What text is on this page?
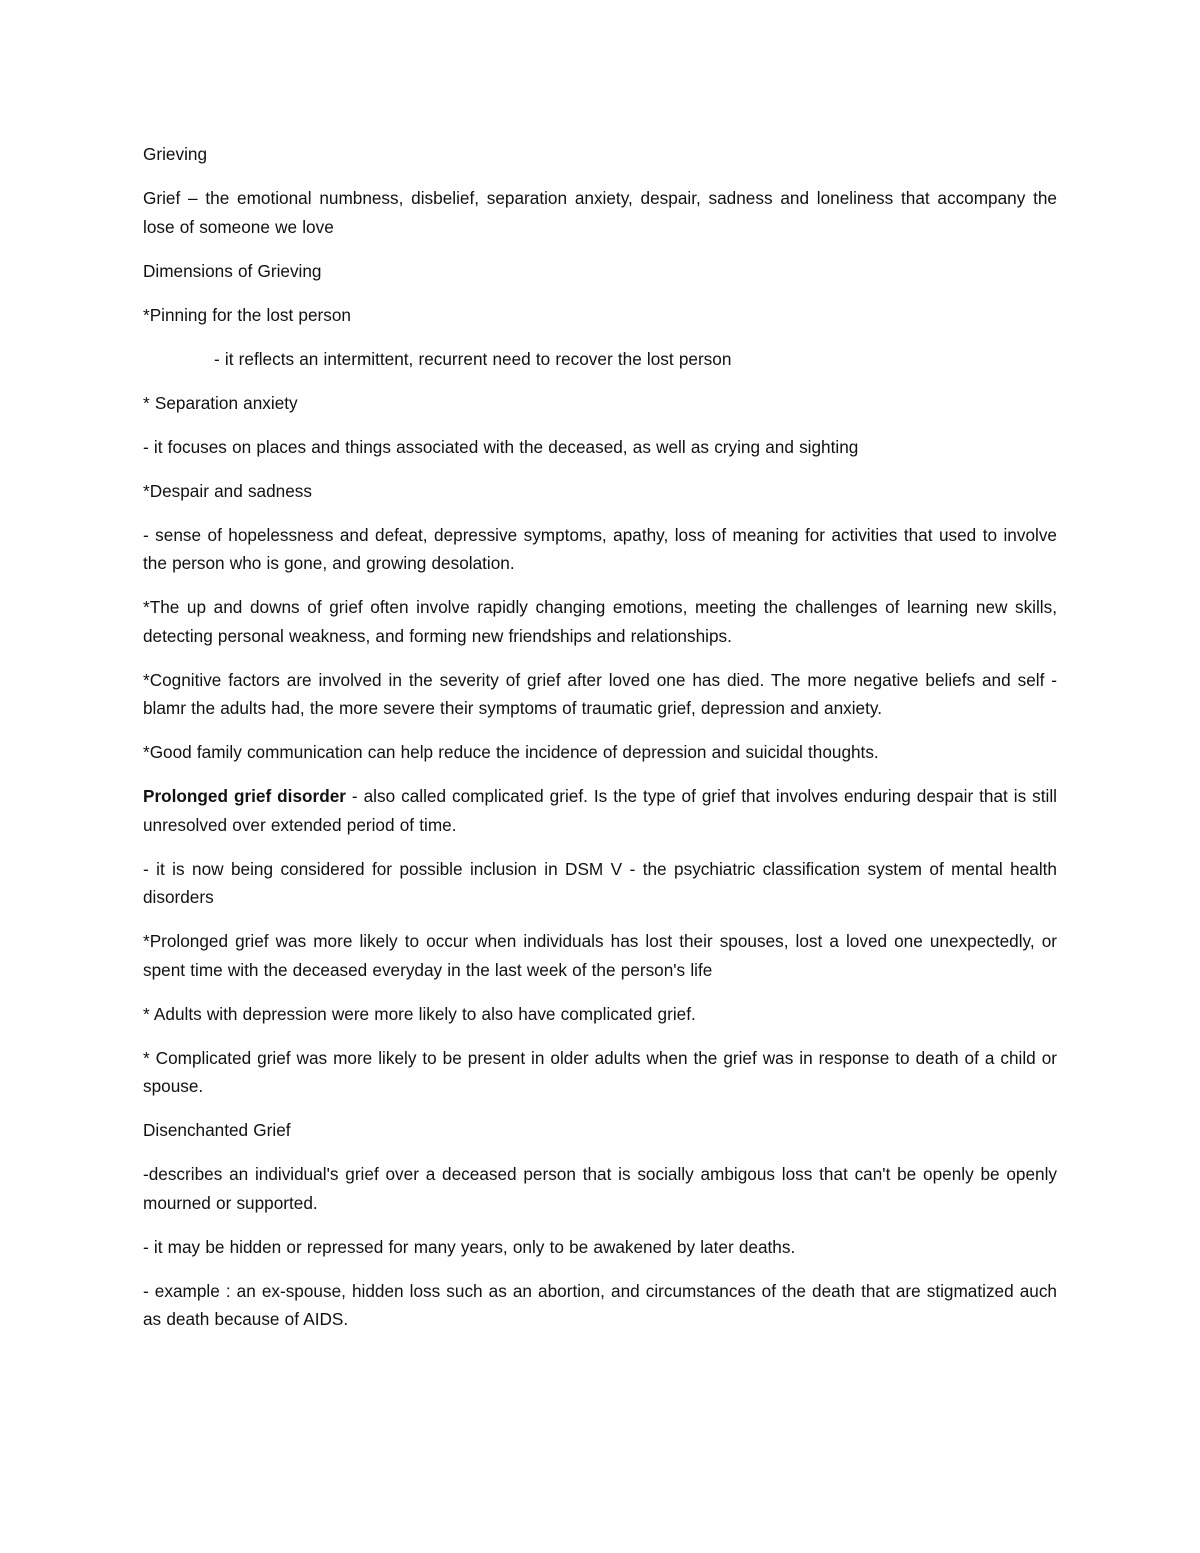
Grieving

Grief – the emotional numbness, disbelief, separation anxiety, despair, sadness and loneliness that accompany the lose of someone we love

Dimensions of Grieving

*Pinning for the lost person

- it reflects an intermittent, recurrent need to recover the lost person

* Separation anxiety

- it focuses on places and things associated with the deceased, as well as crying and sighting

*Despair and sadness

- sense of hopelessness and defeat, depressive symptoms, apathy, loss of meaning for activities that used to involve the person who is gone, and growing desolation.

*The up and downs of grief often involve rapidly changing emotions, meeting the challenges of learning new skills, detecting personal weakness, and forming new friendships and relationships.

*Cognitive factors are involved in the severity of grief after loved one has died. The more negative beliefs and self - blamr the adults had, the more severe their symptoms of traumatic grief, depression and anxiety.

*Good family communication can help reduce the incidence of depression and suicidal thoughts.

Prolonged grief disorder - also called complicated grief. Is the type of grief that involves enduring despair that is still unresolved over extended period of time.

- it is now being considered for possible inclusion in DSM V - the psychiatric classification system of mental health disorders

*Prolonged grief was more likely to occur when individuals has lost their spouses, lost a loved one unexpectedly, or spent time with the deceased everyday in the last week of the person's life

* Adults with depression were more likely to also have complicated grief.

* Complicated grief was more likely to be present in older adults when the grief was in response to death of a child or spouse.

Disenchanted Grief

-describes an individual's grief over a deceased person that is socially ambigous loss that can't be openly be openly mourned or supported.

- it may be hidden or repressed for many years, only to be awakened by later deaths.

- example : an ex-spouse, hidden loss such as an abortion, and circumstances of the death that are stigmatized auch as death because of AIDS.
